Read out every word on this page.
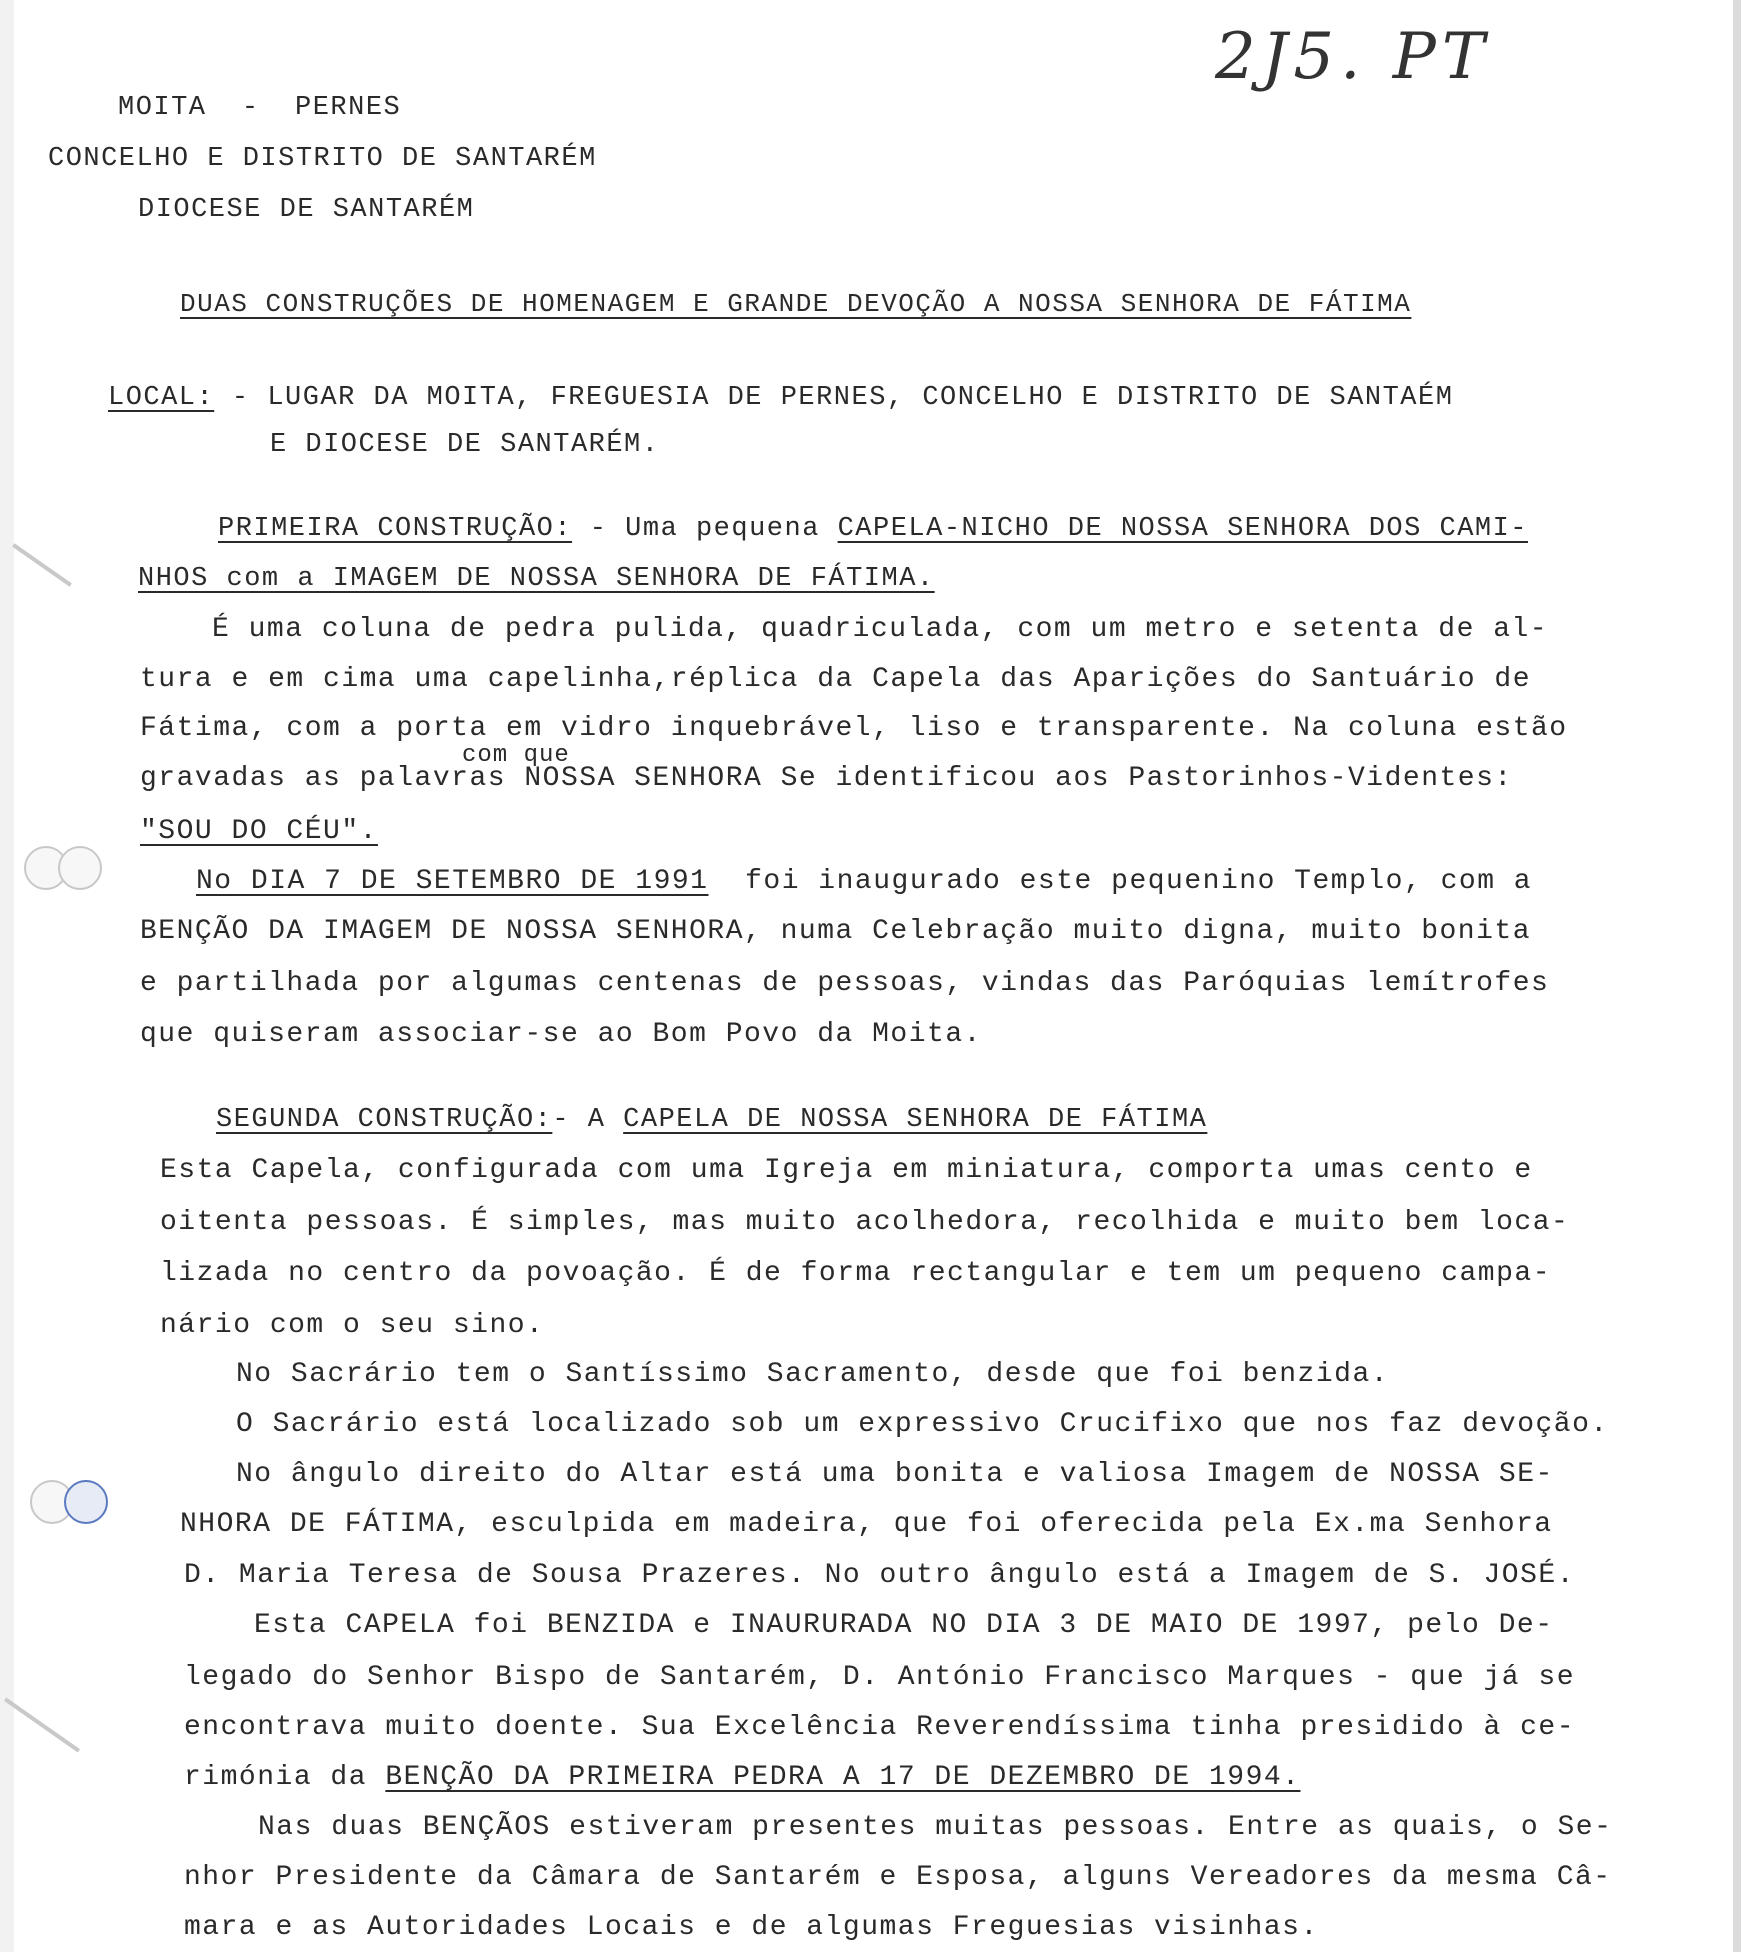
2J5. PT
MOITA  -  PERNES
CONCELHO E DISTRITO DE SANTARÉM
DIOCESE DE SANTARÉM
DUAS CONSTRUÇÕES DE HOMENAGEM E GRANDE DEVOÇÃO A NOSSA SENHORA DE FÁTIMA
LOCAL: - LUGAR DA MOITA, FREGUESIA DE PERNES, CONCELHO E DISTRITO DE SANTAÉM
E DIOCESE DE SANTARÉM.
PRIMEIRA CONSTRUÇÃO: - Uma pequena CAPELA-NICHO DE NOSSA SENHORA DOS CAMI-
NHOS com a IMAGEM DE NOSSA SENHORA DE FÁTIMA.
É uma coluna de pedra pulida, quadriculada, com um metro e setenta de al-
tura e em cima uma capelinha,réplica da Capela das Aparições do Santuário de
Fátima, com a porta em vidro inquebrável, liso e transparente. Na coluna estão
com que
gravadas as palavras NOSSA SENHORA Se identificou aos Pastorinhos-Videntes:
"SOU DO CÉU".
No DIA 7 DE SETEMBRO DE 1991  foi inaugurado este pequenino Templo, com a
BENÇÃO DA IMAGEM DE NOSSA SENHORA, numa Celebração muito digna, muito bonita
e partilhada por algumas centenas de pessoas, vindas das Paróquias lemítrofes
que quiseram associar-se ao Bom Povo da Moita.
SEGUNDA CONSTRUÇÃO:- A CAPELA DE NOSSA SENHORA DE FÁTIMA
Esta Capela, configurada com uma Igreja em miniatura, comporta umas cento e
oitenta pessoas. É simples, mas muito acolhedora, recolhida e muito bem loca-
lizada no centro da povoação. É de forma rectangular e tem um pequeno campa-
nário com o seu sino.
No Sacrário tem o Santíssimo Sacramento, desde que foi benzida.
O Sacrário está localizado sob um expressivo Crucifixo que nos faz devoção.
No ângulo direito do Altar está uma bonita e valiosa Imagem de NOSSA SE-
NHORA DE FÁTIMA, esculpida em madeira, que foi oferecida pela Ex.ma Senhora
D. Maria Teresa de Sousa Prazeres. No outro ângulo está a Imagem de S. JOSÉ.
Esta CAPELA foi BENZIDA e INAURURADA NO DIA 3 DE MAIO DE 1997, pelo De-
legado do Senhor Bispo de Santarém, D. António Francisco Marques - que já se
encontrava muito doente. Sua Excelência Reverendíssima tinha presidido à ce-
rimónia da BENÇÃO DA PRIMEIRA PEDRA A 17 DE DEZEMBRO DE 1994.
Nas duas BENÇÃOS estiveram presentes muitas pessoas. Entre as quais, o Se-
nhor Presidente da Câmara de Santarém e Esposa, alguns Vereadores da mesma Câ-
mara e as Autoridades Locais e de algumas Freguesias visinhas.
